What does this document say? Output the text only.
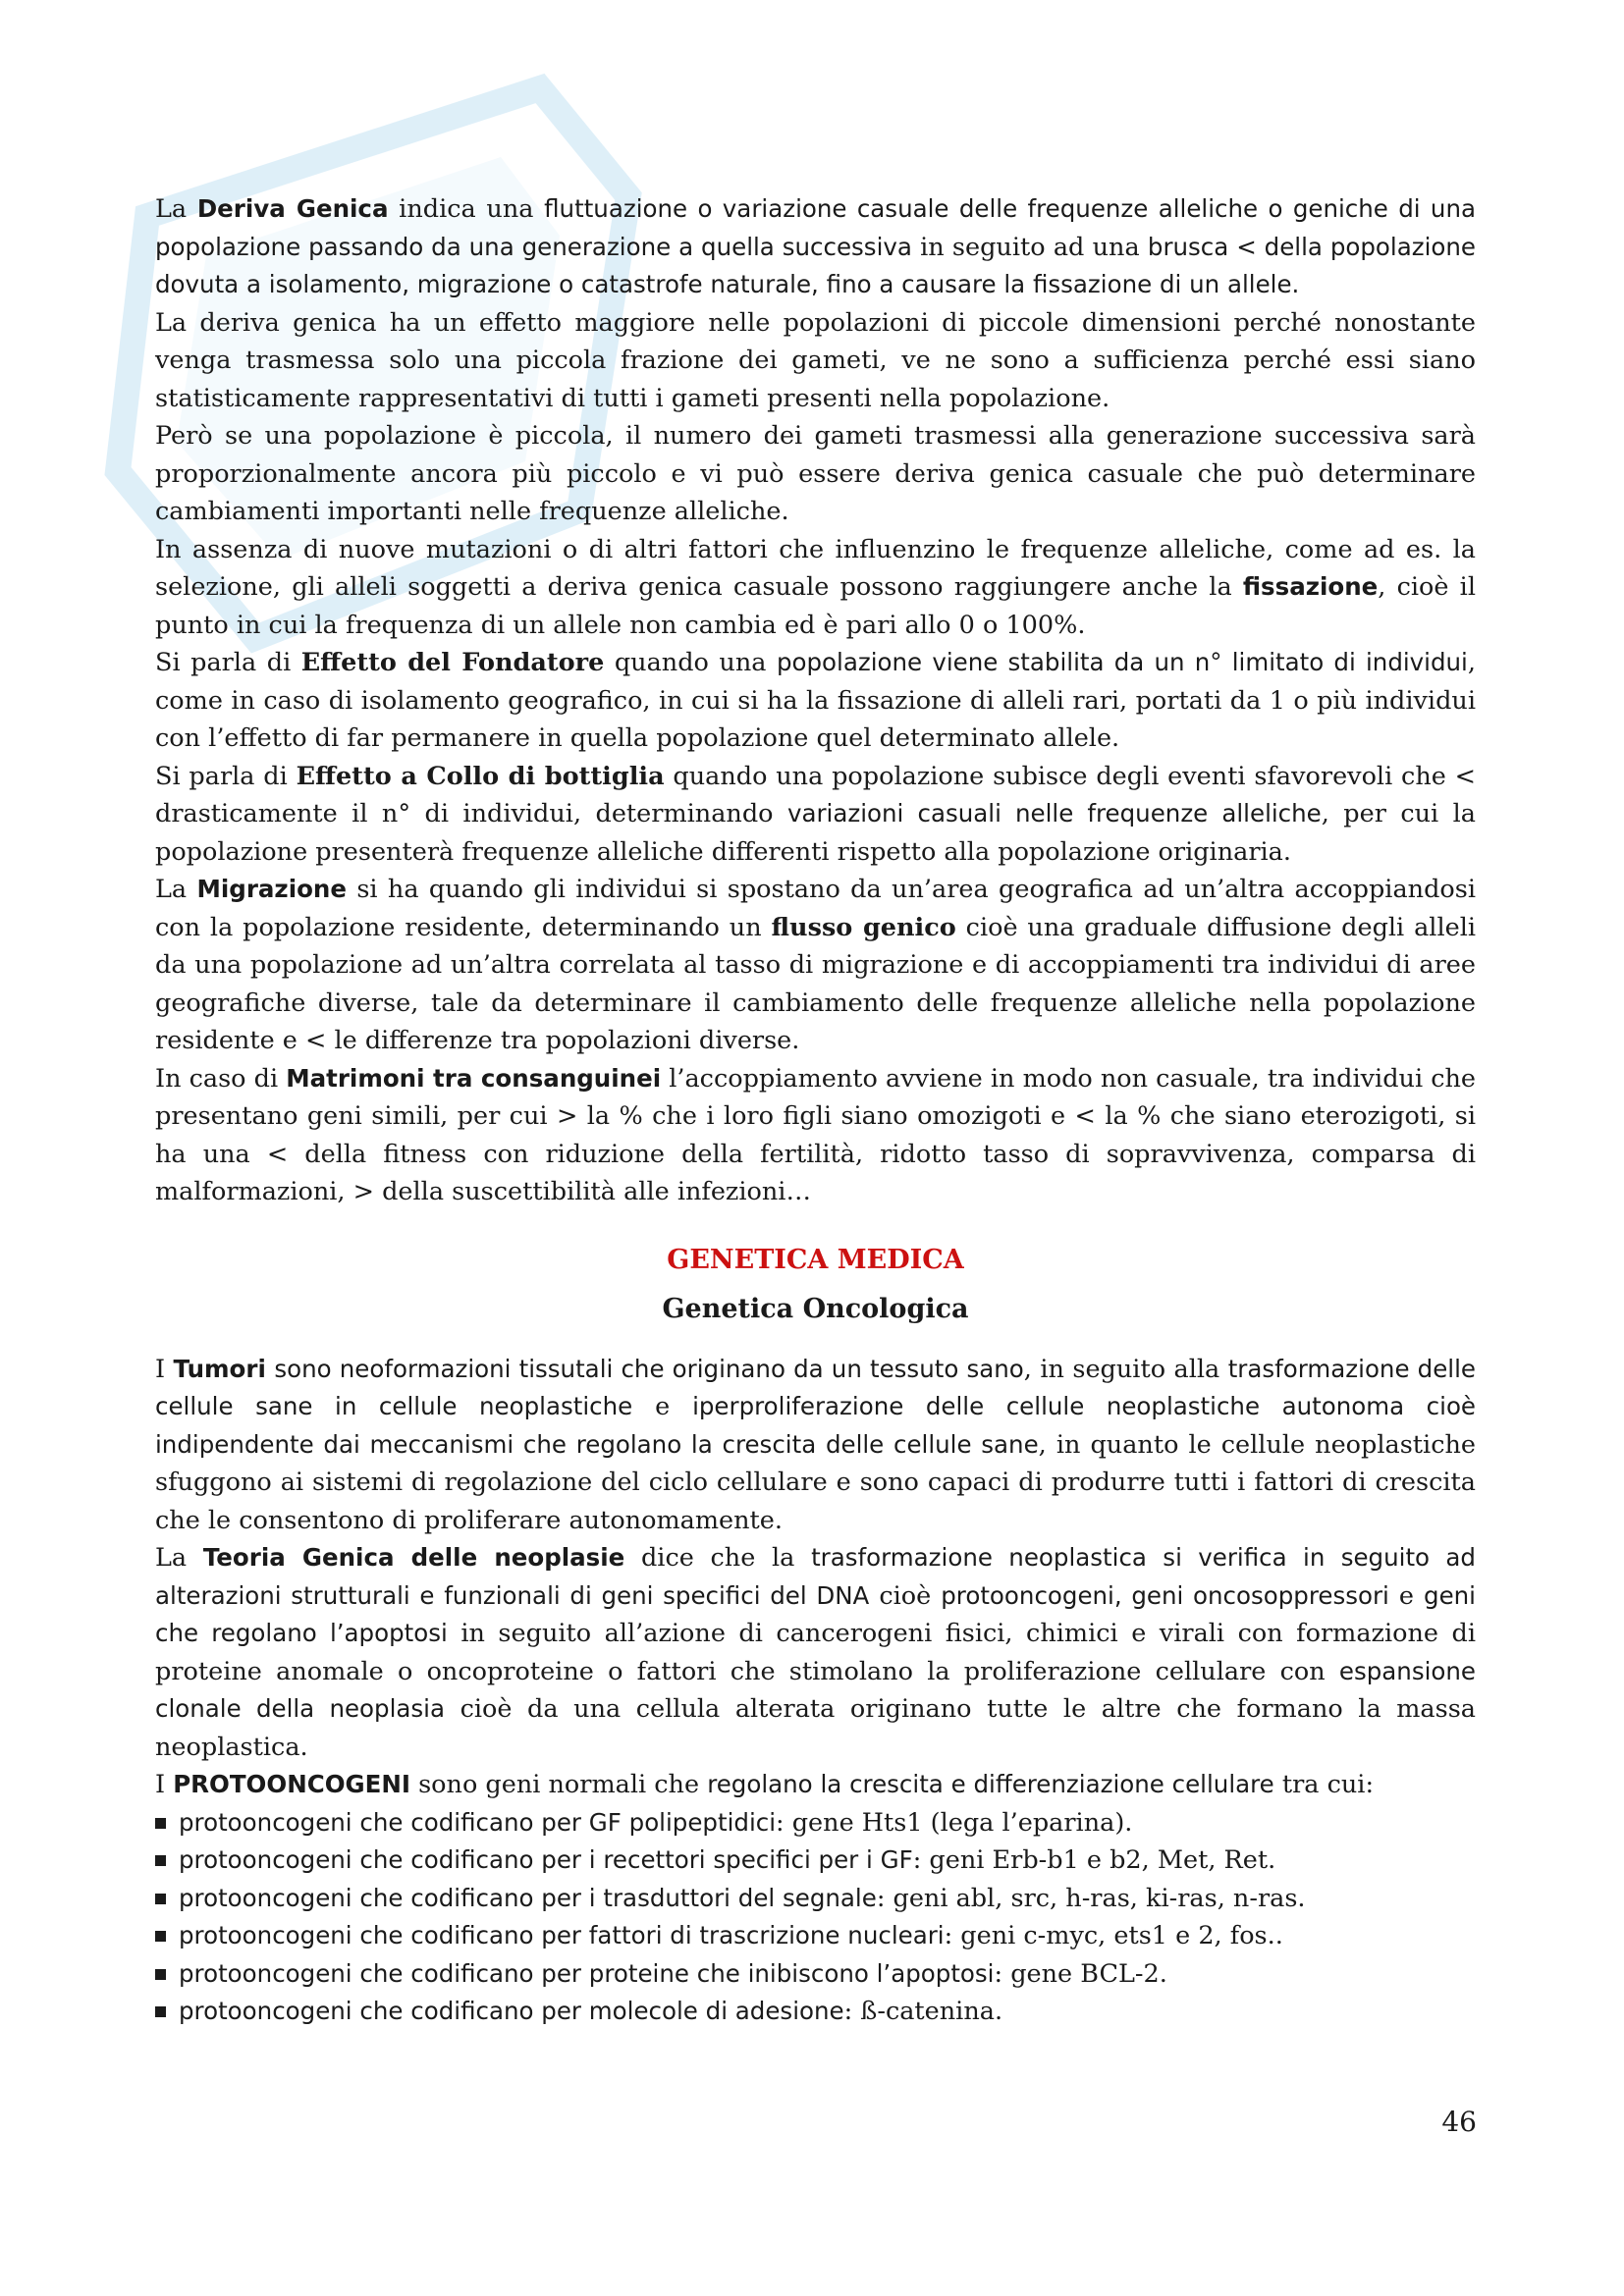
La Deriva Genica indica una fluttuazione o variazione casuale delle frequenze alleliche o geniche di una popolazione passando da una generazione a quella successiva in seguito ad una brusca < della popolazione dovuta a isolamento, migrazione o catastrofe naturale, fino a causare la fissazione di un allele.

La deriva genica ha un effetto maggiore nelle popolazioni di piccole dimensioni perché nonostante venga trasmessa solo una piccola frazione dei gameti, ve ne sono a sufficienza perché essi siano statisticamente rappresentativi di tutti i gameti presenti nella popolazione.

Però se una popolazione è piccola, il numero dei gameti trasmessi alla generazione successiva sarà proporzionalmente ancora più piccolo e vi può essere deriva genica casuale che può determinare cambiamenti importanti nelle frequenze alleliche.

In assenza di nuove mutazioni o di altri fattori che influenzino le frequenze alleliche, come ad es. la selezione, gli alleli soggetti a deriva genica casuale possono raggiungere anche la fissazione, cioè il punto in cui la frequenza di un allele non cambia ed è pari allo 0 o 100%.

Si parla di Effetto del Fondatore quando una popolazione viene stabilita da un n° limitato di individui, come in caso di isolamento geografico, in cui si ha la fissazione di alleli rari, portati da 1 o più individui con l’effetto di far permanere in quella popolazione quel determinato allele.

Si parla di Effetto a Collo di bottiglia quando una popolazione subisce degli eventi sfavorevoli che < drasticamente il n° di individui, determinando variazioni casuali nelle frequenze alleliche, per cui la popolazione presenterà frequenze alleliche differenti rispetto alla popolazione originaria.

La Migrazione si ha quando gli individui si spostano da un’area geografica ad un’altra accoppiandosi con la popolazione residente, determinando un flusso genico cioè una graduale diffusione degli alleli da una popolazione ad un’altra correlata al tasso di migrazione e di accoppiamenti tra individui di aree geografiche diverse, tale da determinare il cambiamento delle frequenze alleliche nella popolazione residente e < le differenze tra popolazioni diverse.

In caso di Matrimoni tra consanguinei l’accoppiamento avviene in modo non casuale, tra individui che presentano geni simili, per cui > la % che i loro figli siano omozigoti e < la % che siano eterozigoti, si ha una < della fitness con riduzione della fertilità, ridotto tasso di sopravvivenza, comparsa di malformazioni, > della suscettibilità alle infezioni…

GENETICA MEDICA
Genetica Oncologica

I Tumori sono neoformazioni tissutali che originano da un tessuto sano, in seguito alla trasformazione delle cellule sane in cellule neoplastiche e iperproliferazione delle cellule neoplastiche autonoma cioè indipendente dai meccanismi che regolano la crescita delle cellule sane, in quanto le cellule neoplastiche sfuggono ai sistemi di regolazione del ciclo cellulare e sono capaci di produrre tutti i fattori di crescita che le consentono di proliferare autonomamente.

La Teoria Genica delle neoplasie dice che la trasformazione neoplastica si verifica in seguito ad alterazioni strutturali e funzionali di geni specifici del DNA cioè protooncogeni, geni oncosoppressori e geni che regolano l’apoptosi in seguito all’azione di cancerogeni fisici, chimici e virali con formazione di proteine anomale o oncoproteine o fattori che stimolano la proliferazione cellulare con espansione clonale della neoplasia cioè da una cellula alterata originano tutte le altre che formano la massa neoplastica.

I PROTOONCOGENI sono geni normali che regolano la crescita e differenziazione cellulare tra cui:

protooncogeni che codificano per GF polipeptidici: gene Hts1 (lega l’eparina).
protooncogeni che codificano per i recettori specifici per i GF: geni Erb-b1 e b2, Met, Ret.
protooncogeni che codificano per i trasduttori del segnale: geni abl, src, h-ras, ki-ras, n-ras.
protooncogeni che codificano per fattori di trascrizione nucleari: geni c-myc, ets1 e 2, fos..
protooncogeni che codificano per proteine che inibiscono l’apoptosi: gene BCL-2.
protooncogeni che codificano per molecole di adesione: ß-catenina.
46
